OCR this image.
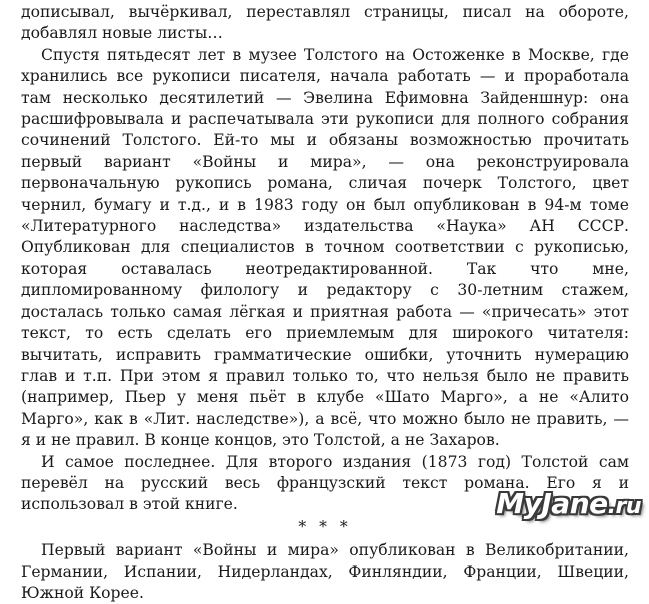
дописывал, вычёркивал, переставлял страницы, писал на обороте, добавлял новые листы…

Спустя пятьдесят лет в музее Толстого на Остоженке в Москве, где хранились все рукописи писателя, начала работать — и проработала там несколько десятилетий — Эвелина Ефимовна Зайденшнур: она расшифровывала и распечатывала эти рукописи для полного собрания сочинений Толстого. Ей-то мы и обязаны возможностью прочитать первый вариант «Войны и мира», — она реконструировала первоначальную рукопись романа, сличая почерк Толстого, цвет чернил, бумагу и т.д., и в 1983 году он был опубликован в 94-м томе «Литературного наследства» издательства «Наука» АН СССР. Опубликован для специалистов в точном соответствии с рукописью, которая оставалась неотредактированной. Так что мне, дипломированному филологу и редактору с 30-летним стажем, досталась только самая лёгкая и приятная работа — «причесать» этот текст, то есть сделать его приемлемым для широкого читателя: вычитать, исправить грамматические ошибки, уточнить нумерацию глав и т.п. При этом я правил только то, что нельзя было не править (например, Пьер у меня пьёт в клубе «Шато Марго», а не «Алито Марго», как в «Лит. наследстве»), а всё, что можно было не править, — я и не правил. В конце концов, это Толстой, а не Захаров.

И самое последнее. Для второго издания (1873 год) Толстой сам перевёл на русский весь французский текст романа. Его я и использовал в этой книге.

* * *

Первый вариант «Войны и мира» опубликован в Великобритании, Германии, Испании, Нидерландах, Финляндии, Франции, Швеции, Южной Корее.

MyJane.ru
